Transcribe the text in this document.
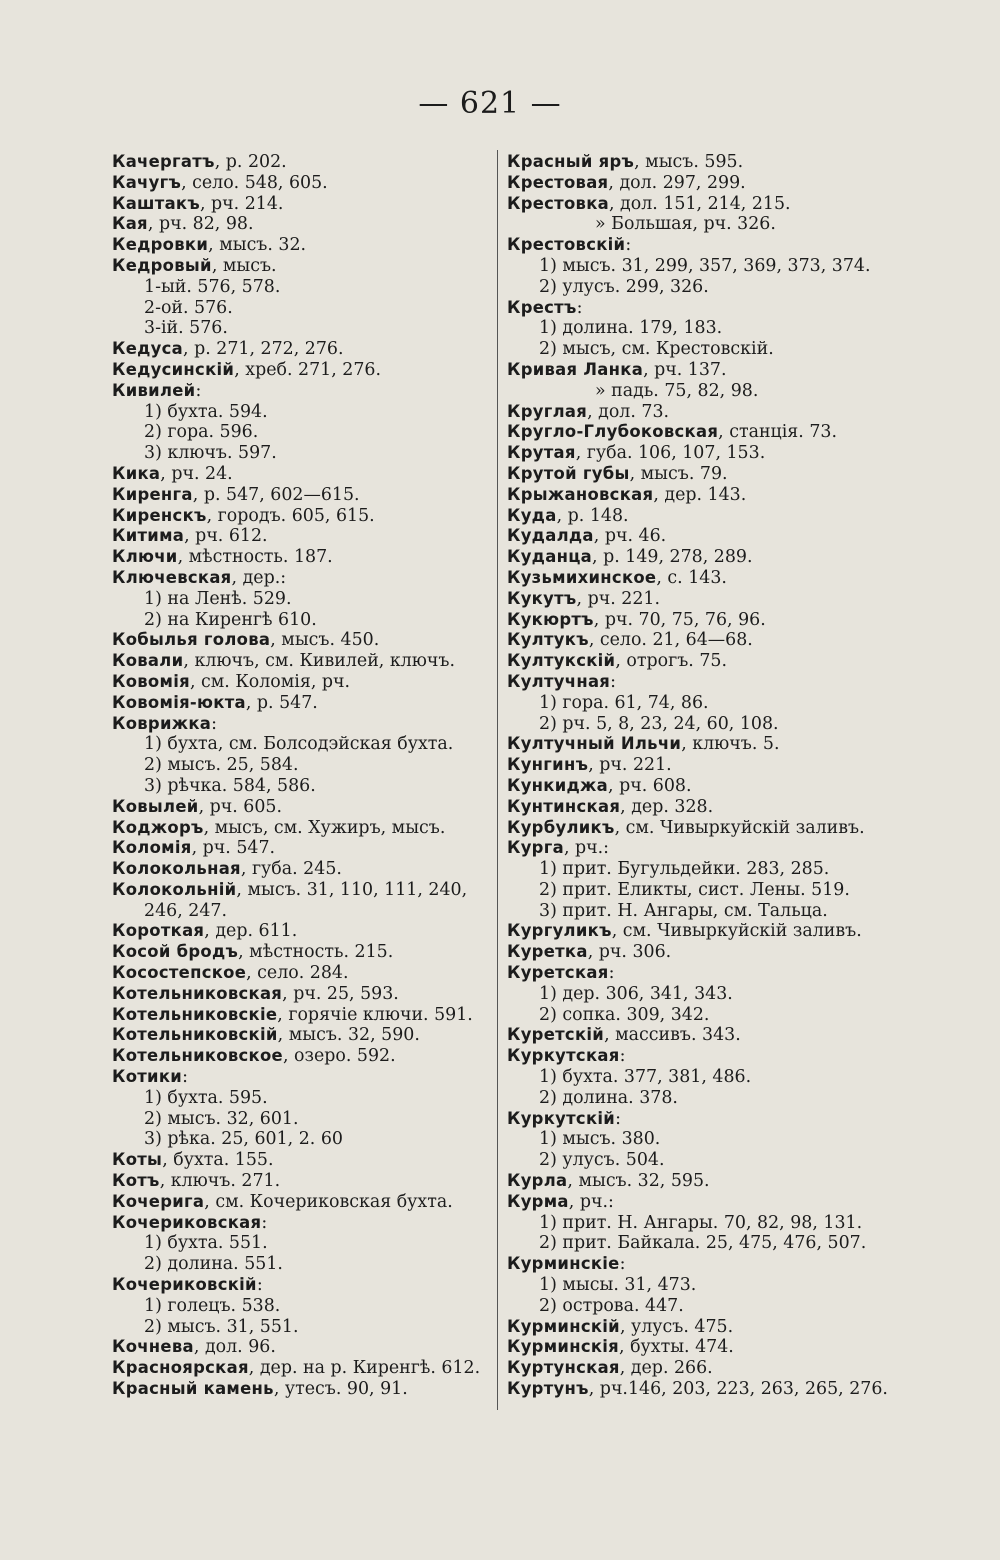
— 621 —
Качергатъ, р. 202.
Качугъ, село. 548, 605.
Каштакъ, рч. 214.
Кая, рч. 82, 98.
Кедровки, мысъ. 32.
Кедровый, мысъ.
1-ый. 576, 578.
2-ой. 576.
3-ій. 576.
Кедуса, р. 271, 272, 276.
Кедусинскій, хреб. 271, 276.
Кивилей:
1) бухта. 594.
2) гора. 596.
3) ключъ. 597.
Кика, рч. 24.
Киренга, р. 547, 602—615.
Киренскъ, городъ. 605, 615.
Китима, рч. 612.
Ключи, мѣстность. 187.
Ключевская, дер.:
1) на Ленѣ. 529.
2) на Киренгѣ 610.
Кобылья голова, мысъ. 450.
Ковали, ключъ, см. Кивилей, ключъ.
Ковомія, см. Коломія, рч.
Ковомія-юкта, р. 547.
Коврижка:
1) бухта, см. Болсодэйская бухта.
2) мысъ. 25, 584.
3) рѣчка. 584, 586.
Ковылей, рч. 605.
Коджоръ, мысъ, см. Хужиръ, мысъ.
Коломія, рч. 547.
Колокольная, губа. 245.
Колокольній, мысъ. 31, 110, 111, 240,
246, 247.
Короткая, дер. 611.
Косой бродъ, мѣстность. 215.
Косостепское, село. 284.
Котельниковская, рч. 25, 593.
Котельниковскіе, горячіе ключи. 591.
Котельниковскій, мысъ. 32, 590.
Котельниковское, озеро. 592.
Котики:
1) бухта. 595.
2) мысъ. 32, 601.
3) рѣка. 25, 601, 2. 60
Коты, бухта. 155.
Котъ, ключъ. 271.
Кочерига, см. Кочериковская бухта.
Кочериковская:
1) бухта. 551.
2) долина. 551.
Кочериковскій:
1) голецъ. 538.
2) мысъ. 31, 551.
Кочнева, дол. 96.
Красноярская, дер. на р. Киренгѣ. 612.
Красный камень, утесъ. 90, 91.
Красный яръ, мысъ. 595.
Крестовая, дол. 297, 299.
Крестовка, дол. 151, 214, 215.
» Большая, рч. 326.
Крестовскій:
1) мысъ. 31, 299, 357, 369, 373, 374.
2) улусъ. 299, 326.
Крестъ:
1) долина. 179, 183.
2) мысъ, см. Крестовскій.
Кривая Ланка, рч. 137.
» падь. 75, 82, 98.
Круглая, дол. 73.
Кругло-Глубоковская, станція. 73.
Крутая, губа. 106, 107, 153.
Крутой губы, мысъ. 79.
Крыжановская, дер. 143.
Куда, р. 148.
Кудалда, рч. 46.
Куданца, р. 149, 278, 289.
Кузьмихинское, с. 143.
Кукутъ, рч. 221.
Кукюртъ, рч. 70, 75, 76, 96.
Култукъ, село. 21, 64—68.
Култукскій, отрогъ. 75.
Култучная:
1) гора. 61, 74, 86.
2) рч. 5, 8, 23, 24, 60, 108.
Култучный Ильчи, ключъ. 5.
Кунгинъ, рч. 221.
Кункиджа, рч. 608.
Кунтинская, дер. 328.
Курбуликъ, см. Чивыркуйскій заливъ.
Курга, рч.:
1) прит. Бугульдейки. 283, 285.
2) прит. Еликты, сист. Лены. 519.
3) прит. Н. Ангары, см. Тальца.
Кургуликъ, см. Чивыркуйскій заливъ.
Куретка, рч. 306.
Куретская:
1) дер. 306, 341, 343.
2) сопка. 309, 342.
Куретскій, массивъ. 343.
Куркутская:
1) бухта. 377, 381, 486.
2) долина. 378.
Куркутскій:
1) мысъ. 380.
2) улусъ. 504.
Курла, мысъ. 32, 595.
Курма, рч.:
1) прит. Н. Ангары. 70, 82, 98, 131.
2) прит. Байкала. 25, 475, 476, 507.
Курминскіе:
1) мысы. 31, 473.
2) острова. 447.
Курминскій, улусъ. 475.
Курминскія, бухты. 474.
Куртунская, дер. 266.
Куртунъ, рч.146, 203, 223, 263, 265, 276.
